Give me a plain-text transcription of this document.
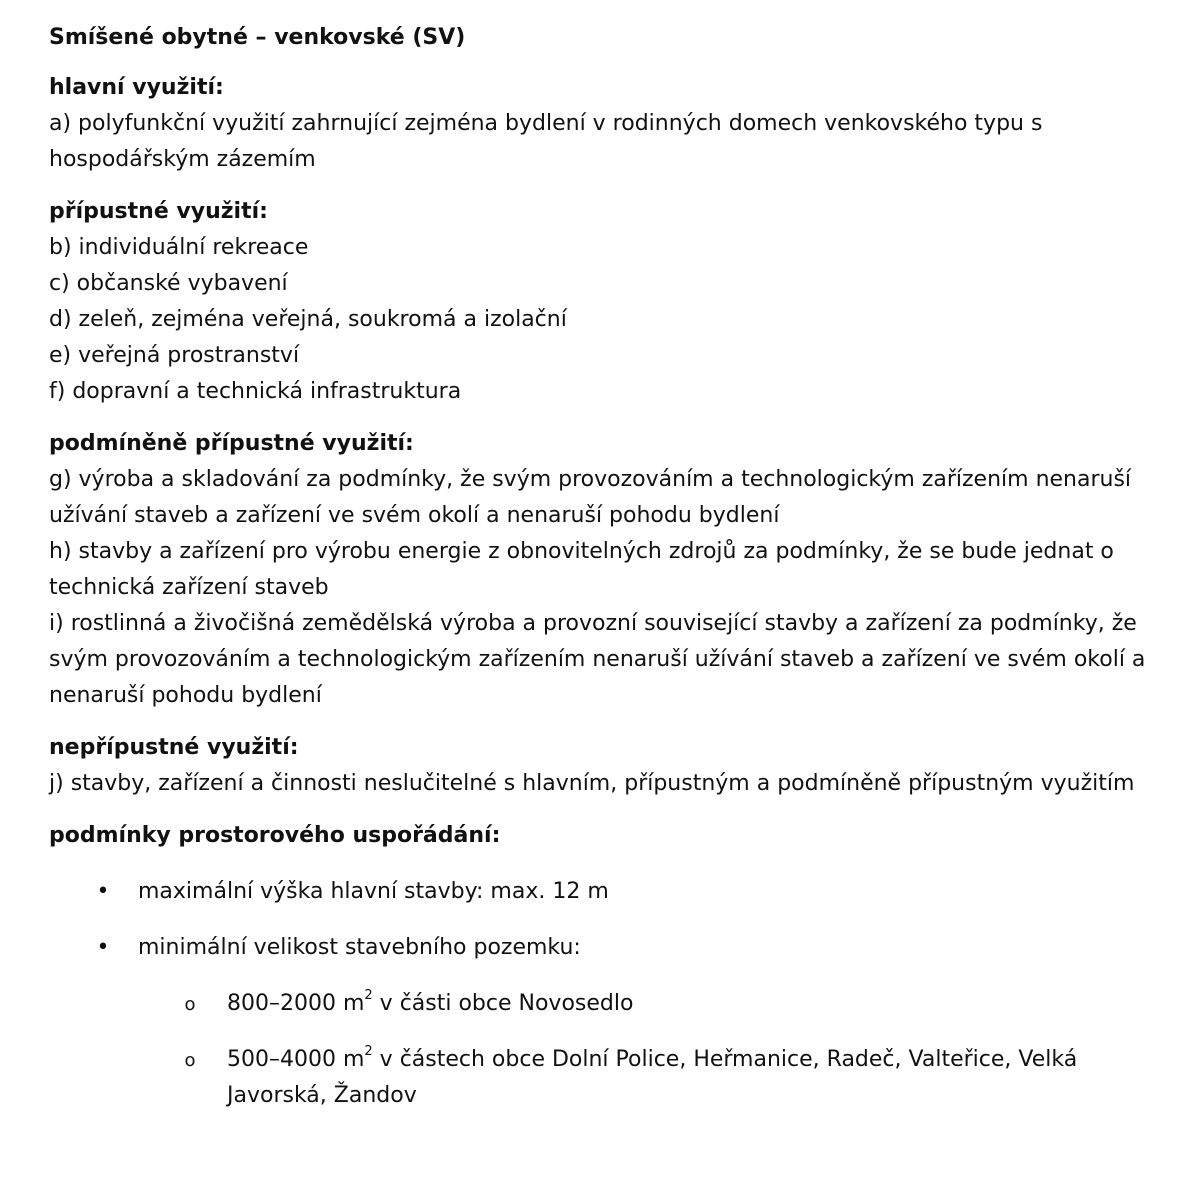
Smíšené obytné – venkovské (SV)
hlavní využití:
a) polyfunkční využití zahrnující zejména bydlení v rodinných domech venkovského typu s hospodářským zázemím
přípustné využití:
b) individuální rekreace
c) občanské vybavení
d) zeleň, zejména veřejná, soukromá a izolační
e) veřejná prostranství
f) dopravní a technická infrastruktura
podmíněně přípustné využití:
g) výroba a skladování za podmínky, že svým provozováním a technologickým zařízením nenaruší užívání staveb a zařízení ve svém okolí a nenaruší pohodu bydlení
h) stavby a zařízení pro výrobu energie z obnovitelných zdrojů za podmínky, že se bude jednat o technická zařízení staveb
i) rostlinná a živočišná zemědělská výroba a provozní související stavby a zařízení za podmínky, že svým provozováním a technologickým zařízením nenaruší užívání staveb a zařízení ve svém okolí a nenaruší pohodu bydlení
nepřípustné využití:
j) stavby, zařízení a činnosti neslučitelné s hlavním, přípustným a podmíněně přípustným využitím
podmínky prostorového uspořádání:
• maximální výška hlavní stavby: max. 12 m
• minimální velikost stavebního pozemku:
o 800–2000 $m^2$ v části obce Novosedlo
o 500–4000 $m^2$ v částech obce Dolní Police, Heřmanice, Radeč, Valteřice, Velká Javorská, Žandov
